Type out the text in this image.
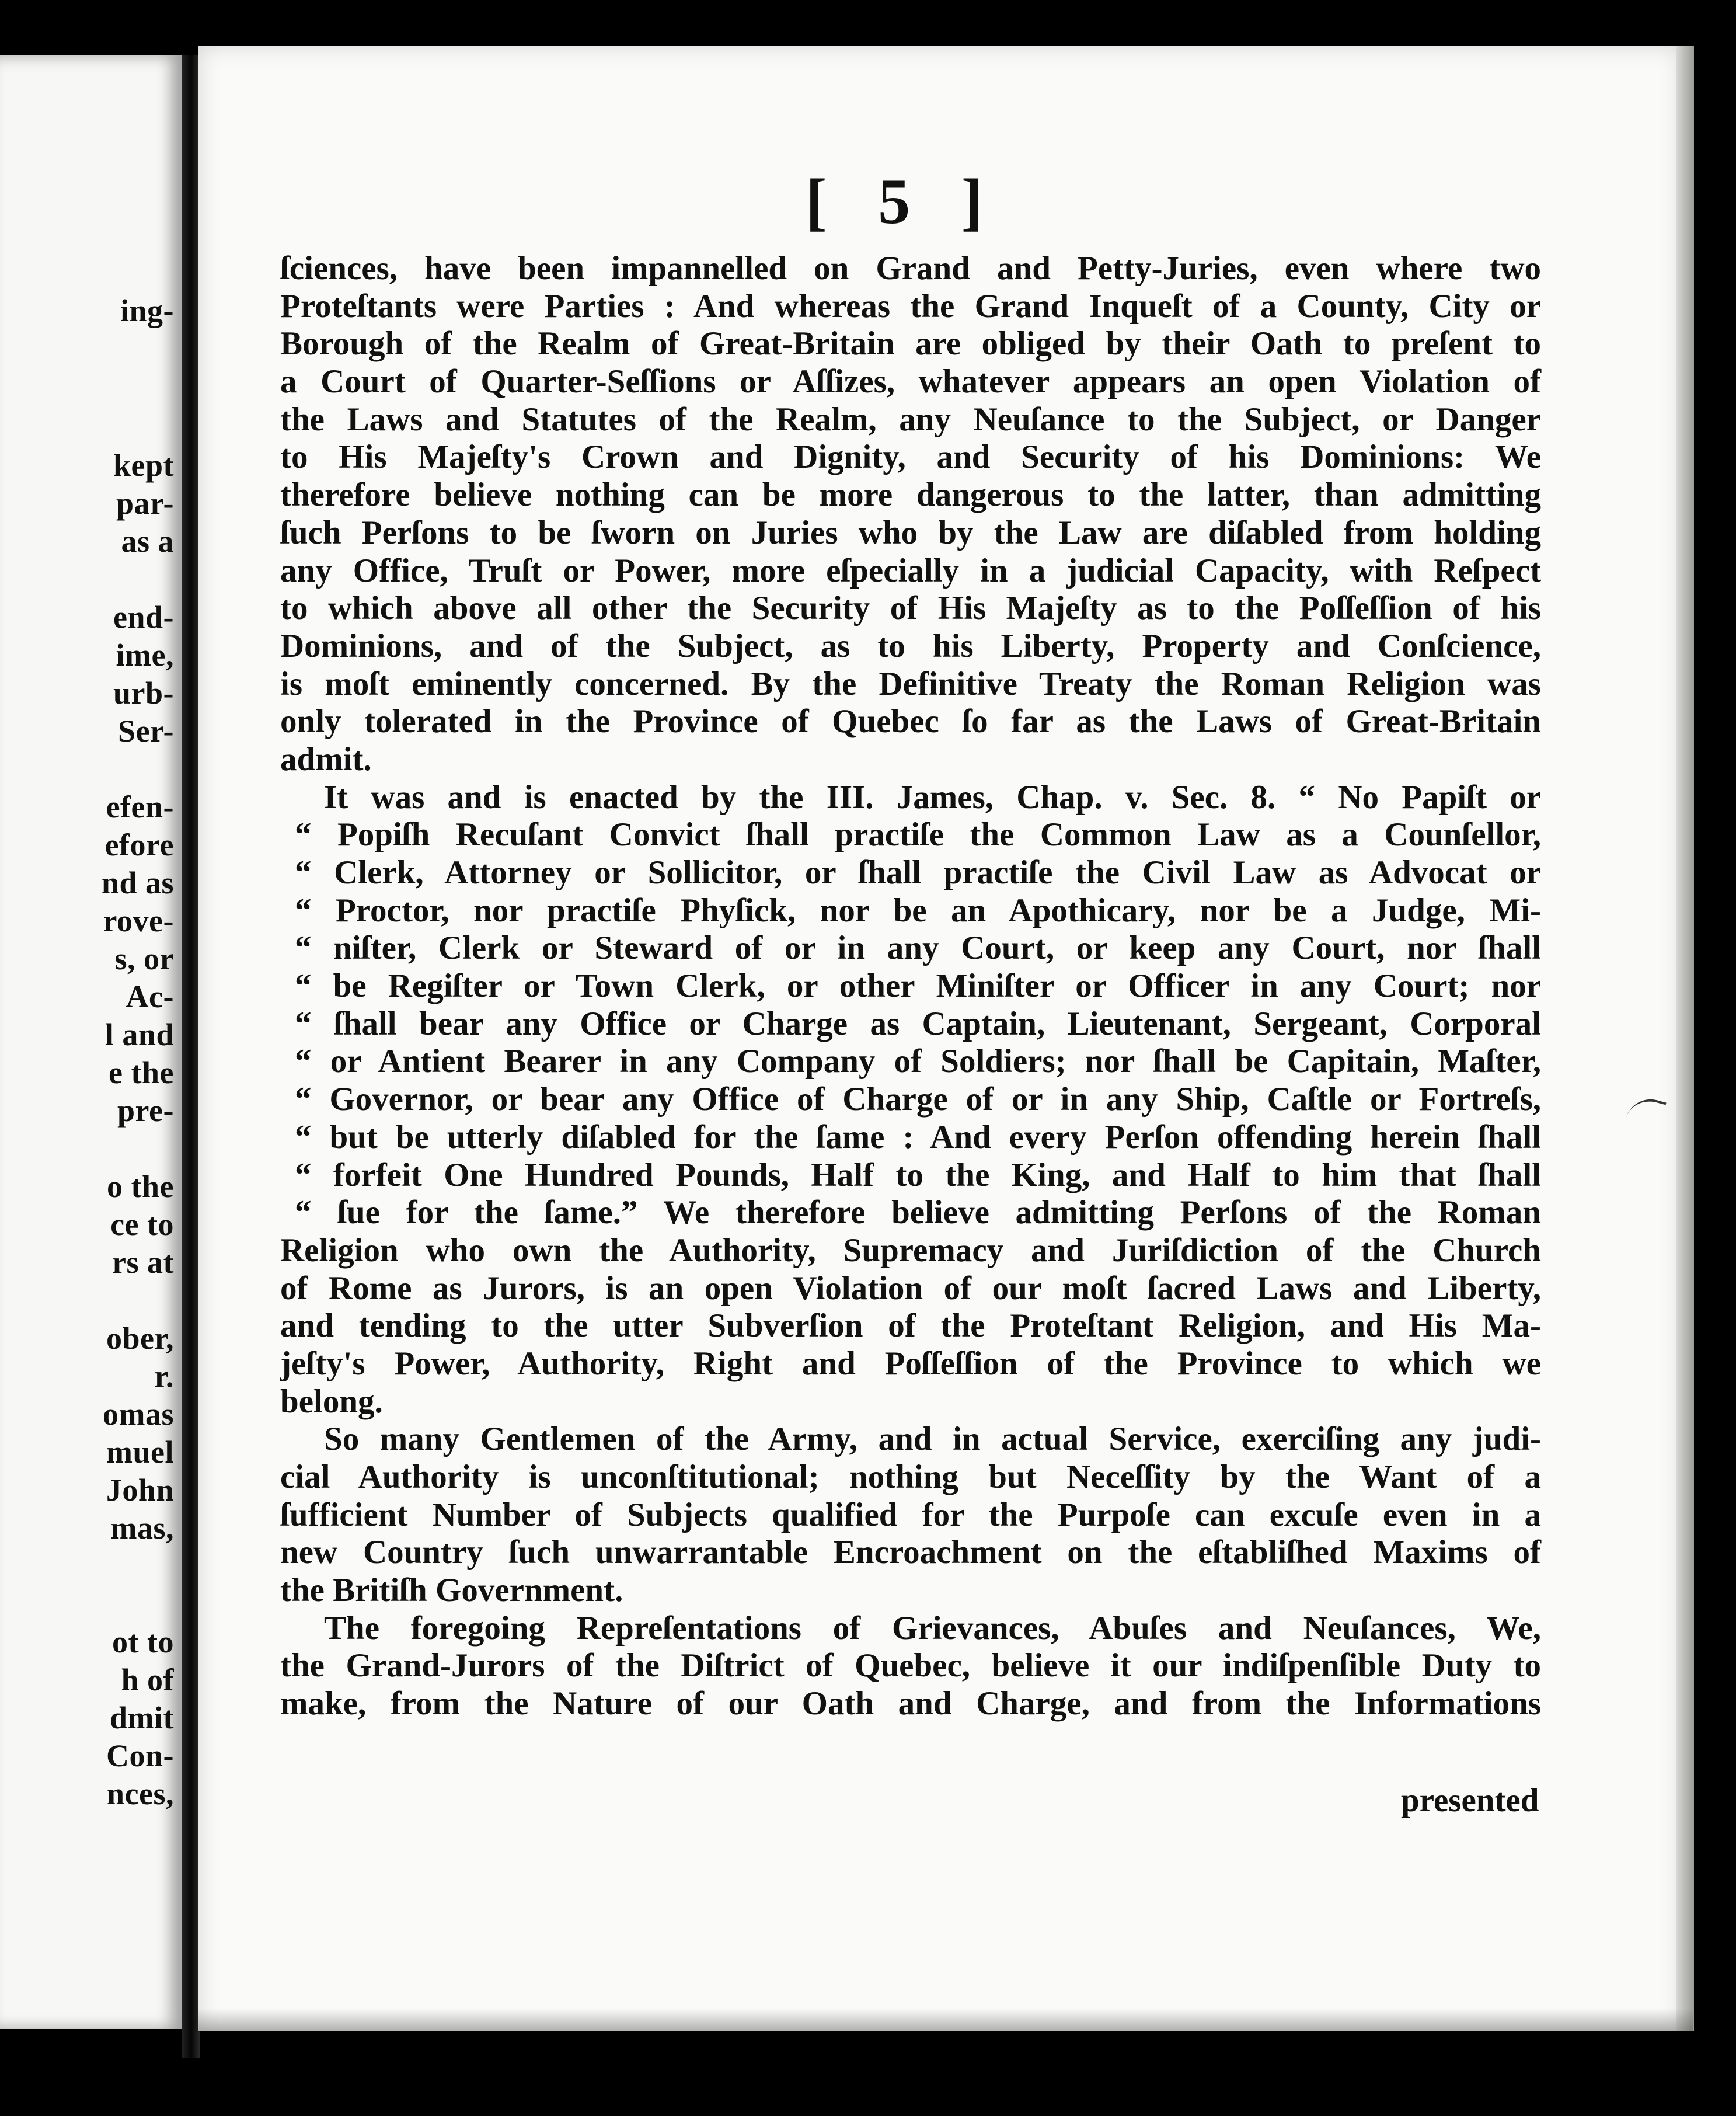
ing-
kept
par-
as a
end-
ime,
urb-
Ser-
efen-
efore
nd as
rove-
s, or
Ac-
l and
e the
pre-
o the
ce to
rs at
ober,
r.
omas
muel
John
mas,
ot to
h of
dmit
Con-
nces,
[ 5 ]
ſciences, have been impannelled on Grand and Petty-Juries, even where two
Proteſtants were Parties : And whereas the Grand Inqueſt of a County, City or
Borough of the Realm of Great-Britain are obliged by their Oath to preſent to
a Court of Quarter-Seſſions or Aſſizes, whatever appears an open Violation of
the Laws and Statutes of the Realm, any Neuſance to the Subject, or Danger
to His Majeſty's Crown and Dignity, and Security of his Dominions: We
therefore believe nothing can be more dangerous to the latter, than admitting
ſuch Perſons to be ſworn on Juries who by the Law are diſabled from holding
any Office, Truſt or Power, more eſpecially in a judicial Capacity, with Reſpect
to which above all other the Security of His Majeſty as to the Poſſeſſion of his
Dominions, and of the Subject, as to his Liberty, Property and Conſcience,
is moſt eminently concerned. By the Definitive Treaty the Roman Religion was
only tolerated in the Province of Quebec ſo far as the Laws of Great-Britain
admit.
It was and is enacted by the III. James, Chap. v. Sec. 8. “ No Papiſt or
“ Popiſh Recuſant Convict ſhall practiſe the Common Law as a Counſellor,
“ Clerk, Attorney or Sollicitor, or ſhall practiſe the Civil Law as Advocat or
“ Proctor, nor practiſe Phyſick, nor be an Apothicary, nor be a Judge, Mi-
“ niſter, Clerk or Steward of or in any Court, or keep any Court, nor ſhall
“ be Regiſter or Town Clerk, or other Miniſter or Officer in any Court; nor
“ ſhall bear any Office or Charge as Captain, Lieutenant, Sergeant, Corporal
“ or Antient Bearer in any Company of Soldiers; nor ſhall be Capitain, Maſter,
“ Governor, or bear any Office of Charge of or in any Ship, Caſtle or Fortreſs,
“ but be utterly diſabled for the ſame : And every Perſon offending herein ſhall
“ forfeit One Hundred Pounds, Half to the King, and Half to him that ſhall
“ ſue for the ſame.” We therefore believe admitting Perſons of the Roman
Religion who own the Authority, Supremacy and Juriſdiction of the Church
of Rome as Jurors, is an open Violation of our moſt ſacred Laws and Liberty,
and tending to the utter Subverſion of the Proteſtant Religion, and His Ma-
jeſty's Power, Authority, Right and Poſſeſſion of the Province to which we
belong.
So many Gentlemen of the Army, and in actual Service, exerciſing any judi-
cial Authority is unconſtitutional; nothing but Neceſſity by the Want of a
ſufficient Number of Subjects qualified for the Purpoſe can excuſe even in a
new Country ſuch unwarrantable Encroachment on the eſtabliſhed Maxims of
the Britiſh Government.
The foregoing Repreſentations of Grievances, Abuſes and Neuſances, We,
the Grand-Jurors of the Diſtrict of Quebec, believe it our indiſpenſible Duty to
make, from the Nature of our Oath and Charge, and from the Informations
presented
